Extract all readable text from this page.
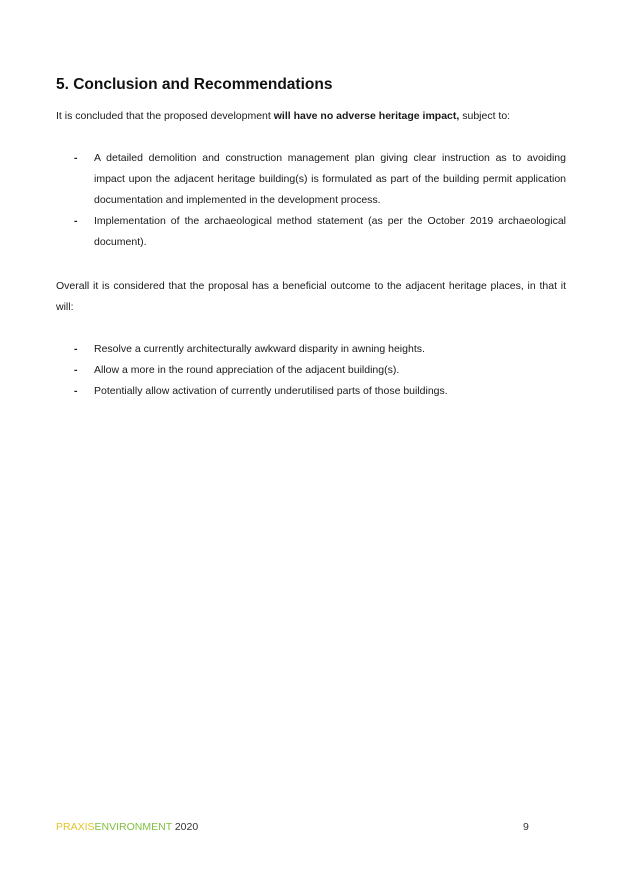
5. Conclusion and Recommendations

It is concluded that the proposed development will have no adverse heritage impact, subject to:

- A detailed demolition and construction management plan giving clear instruction as to avoiding impact upon the adjacent heritage building(s) is formulated as part of the building permit application documentation and implemented in the development process.
- Implementation of the archaeological method statement (as per the October 2019 archaeological document).

Overall it is considered that the proposal has a beneficial outcome to the adjacent heritage places, in that it will:

- Resolve a currently architecturally awkward disparity in awning heights.
- Allow a more in the round appreciation of the adjacent building(s).
- Potentially allow activation of currently underutilised parts of those buildings.
PRAXISENVIRONMENT 2020	9
